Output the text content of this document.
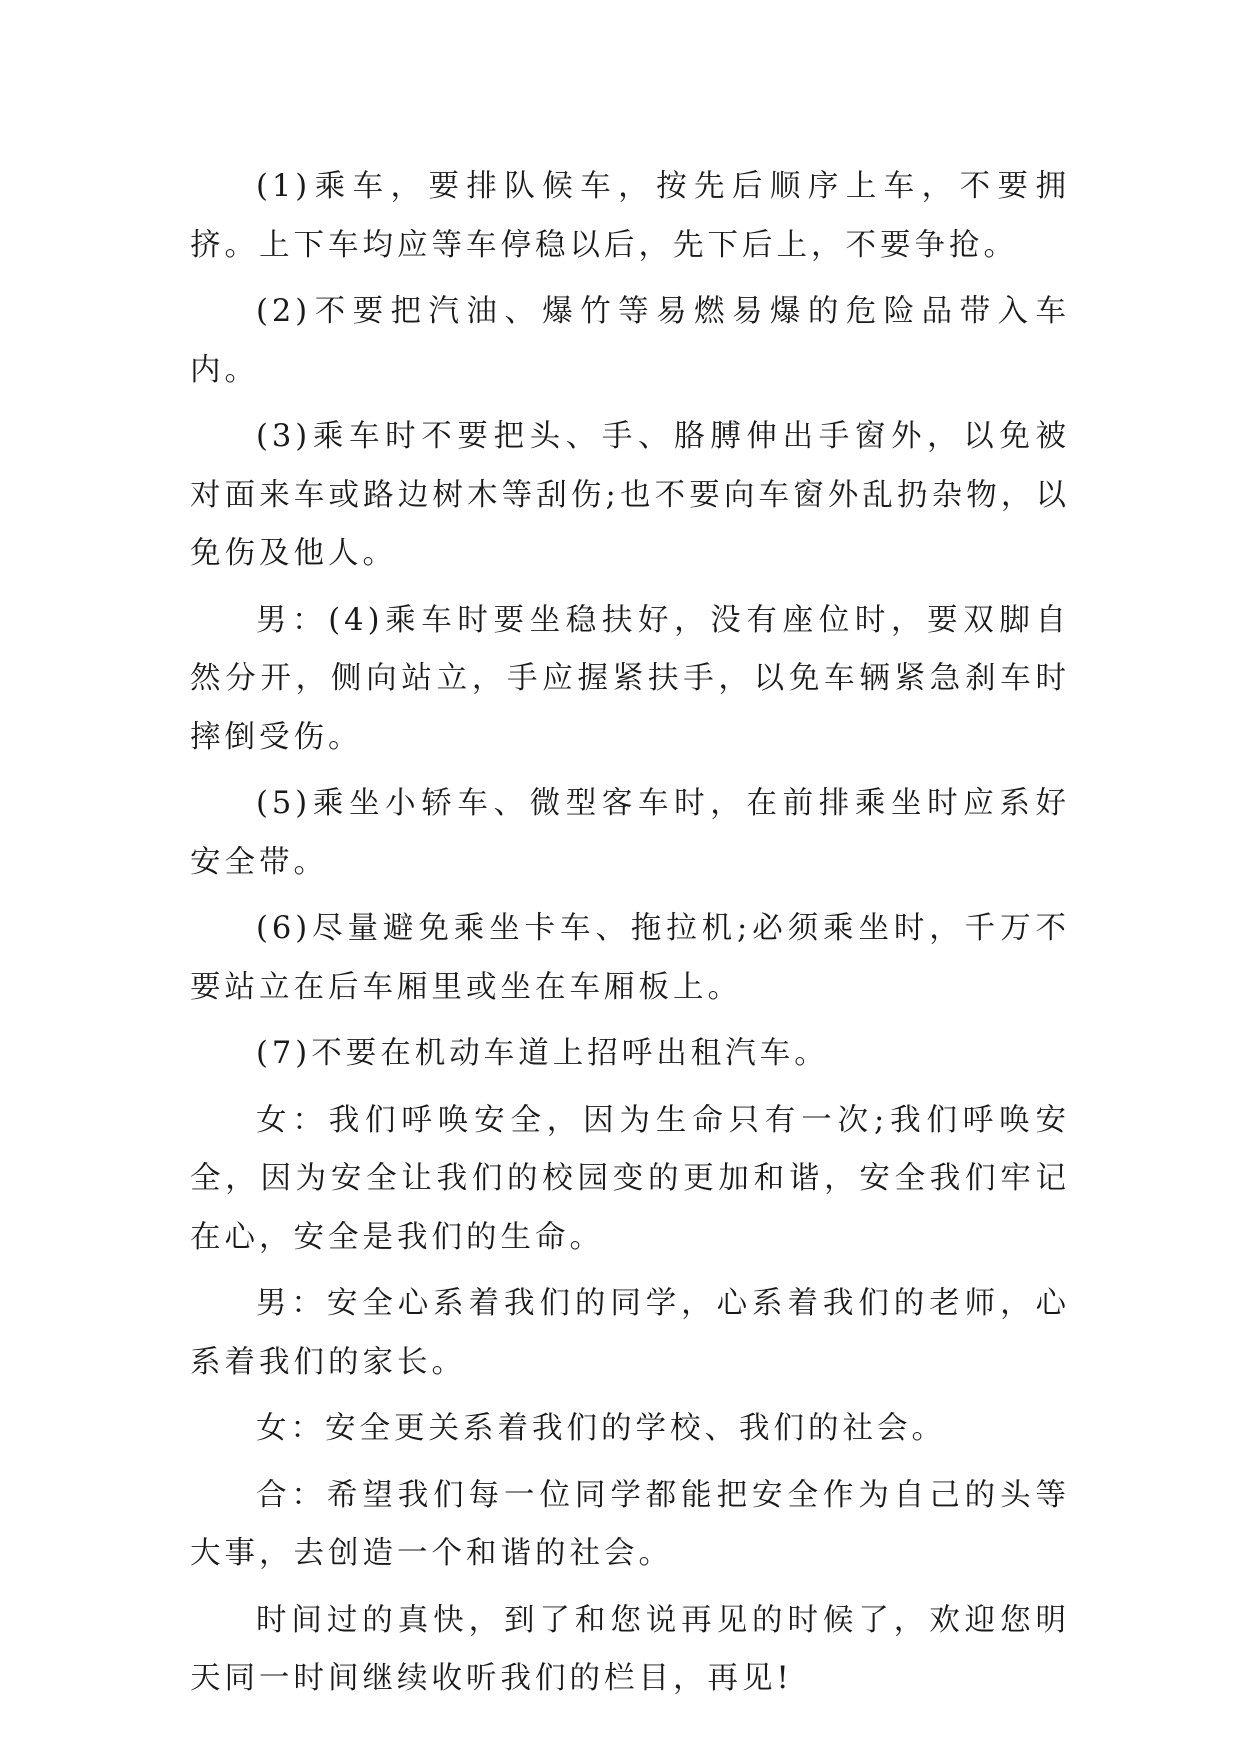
(1)乘车，要排队候车，按先后顺序上车，不要拥挤。上下车均应等车停稳以后，先下后上，不要争抢。

(2)不要把汽油、爆竹等易燃易爆的危险品带入车内。

(3)乘车时不要把头、手、胳膊伸出手窗外，以免被对面来车或路边树木等刮伤;也不要向车窗外乱扔杂物，以免伤及他人。

男：(4)乘车时要坐稳扶好，没有座位时，要双脚自然分开，侧向站立，手应握紧扶手，以免车辆紧急刹车时摔倒受伤。

(5)乘坐小轿车、微型客车时，在前排乘坐时应系好安全带。

(6)尽量避免乘坐卡车、拖拉机;必须乘坐时，千万不要站立在后车厢里或坐在车厢板上。

(7)不要在机动车道上招呼出租汽车。

女：我们呼唤安全，因为生命只有一次;我们呼唤安全，因为安全让我们的校园变的更加和谐，安全我们牢记在心，安全是我们的生命。

男：安全心系着我们的同学，心系着我们的老师，心系着我们的家长。

女：安全更关系着我们的学校、我们的社会。

合：希望我们每一位同学都能把安全作为自己的头等大事，去创造一个和谐的社会。

时间过的真快，到了和您说再见的时候了，欢迎您明天同一时间继续收听我们的栏目，再见!
